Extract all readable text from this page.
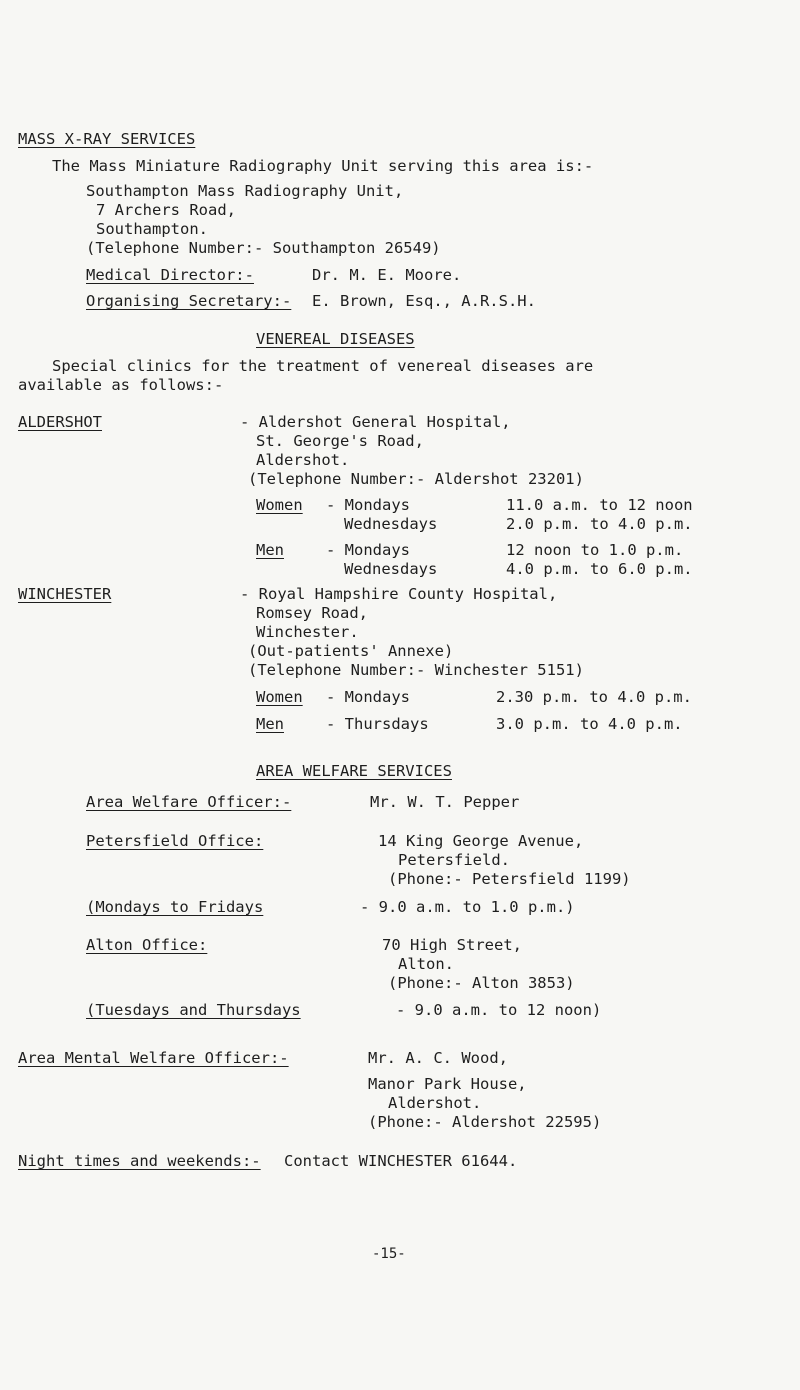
MASS X-RAY SERVICES
The Mass Miniature Radiography Unit serving this area is:-
Southampton Mass Radiography Unit,
7 Archers Road,
Southampton.
(Telephone Number:- Southampton 26549)
Medical Director:-	Dr. M. E. Moore.
Organising Secretary:- E. Brown, Esq., A.R.S.H.
VENEREAL DISEASES
Special clinics for the treatment of venereal diseases are
available as follows:-
ALDERSHOT	- Aldershot General Hospital,
St. George's Road,
Aldershot.
(Telephone Number:- Aldershot 23201)
Women - Mondays	11.0 a.m. to 12 noon
Wednesdays	2.0 p.m. to 4.0 p.m.
Men	- Mondays	12 noon to 1.0 p.m.
Wednesdays	4.0 p.m. to 6.0 p.m.
WINCHESTER	- Royal Hampshire County Hospital,
Romsey Road,
Winchester.
(Out-patients' Annexe)
(Telephone Number:- Winchester 5151)
Women - Mondays	2.30 p.m. to 4.0 p.m.
Men	- Thursdays	3.0 p.m. to 4.0 p.m.
AREA WELFARE SERVICES
Area Welfare Officer:-	Mr. W. T. Pepper
Petersfield Office:	14 King George Avenue,
Petersfield.
(Phone:- Petersfield 1199)
(Mondays to Fridays	- 9.0 a.m. to 1.0 p.m.)
Alton Office:	70 High Street,
Alton.
(Phone:- Alton 3853)
(Tuesdays and Thursdays	- 9.0 a.m. to 12 noon)
Area Mental Welfare Officer:-	Mr. A. C. Wood,
Manor Park House,
Aldershot.
(Phone:- Aldershot 22595)
Night times and weekends:- Contact WINCHESTER 61644.
-15-
